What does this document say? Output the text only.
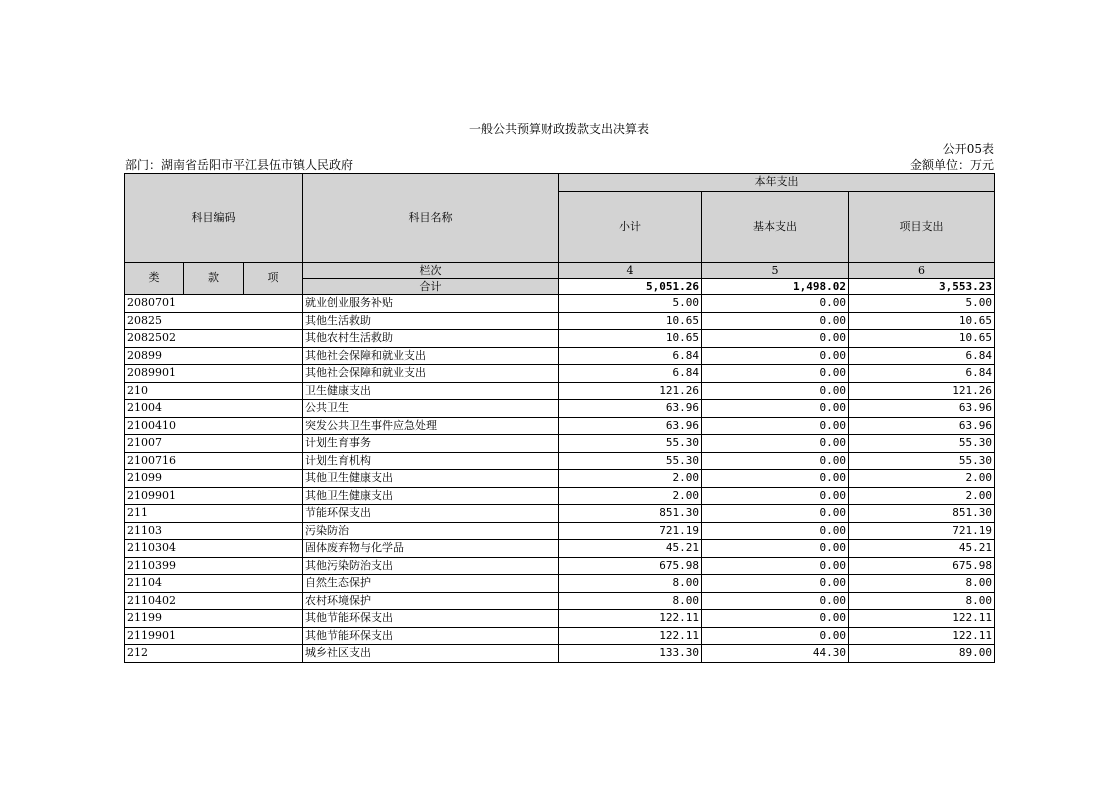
一般公共预算财政拨款支出决算表
公开05表
部门：湖南省岳阳市平江县伍市镇人民政府	金额单位：万元
科目编码			科目名称	本年支出		
				小计	基本支出	项目支出
类	款	项	栏次	4	5	6
			合计	5,051.26	1,498.02	3,553.23
2080701			就业创业服务补贴	5.00	0.00	5.00
20825			其他生活救助	10.65	0.00	10.65
2082502			其他农村生活救助	10.65	0.00	10.65
20899			其他社会保障和就业支出	6.84	0.00	6.84
2089901			其他社会保障和就业支出	6.84	0.00	6.84
210			卫生健康支出	121.26	0.00	121.26
21004			公共卫生	63.96	0.00	63.96
2100410			突发公共卫生事件应急处理	63.96	0.00	63.96
21007			计划生育事务	55.30	0.00	55.30
2100716			计划生育机构	55.30	0.00	55.30
21099			其他卫生健康支出	2.00	0.00	2.00
2109901			其他卫生健康支出	2.00	0.00	2.00
211			节能环保支出	851.30	0.00	851.30
21103			污染防治	721.19	0.00	721.19
2110304			固体废弃物与化学品	45.21	0.00	45.21
2110399			其他污染防治支出	675.98	0.00	675.98
21104			自然生态保护	8.00	0.00	8.00
2110402			农村环境保护	8.00	0.00	8.00
21199			其他节能环保支出	122.11	0.00	122.11
2119901			其他节能环保支出	122.11	0.00	122.11
212			城乡社区支出	133.30	44.30	89.00
